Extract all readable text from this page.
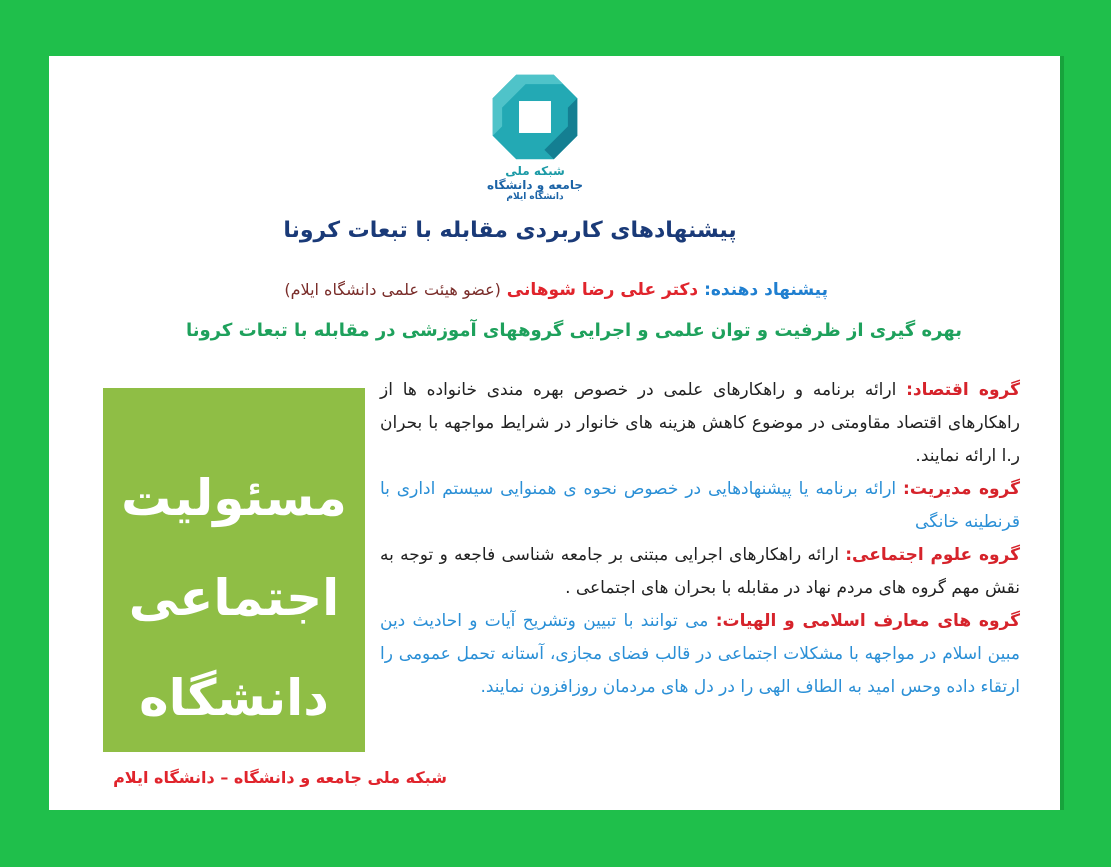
شبکه ملی
جامعه و دانشگاه
دانشگاه ایلام
پیشنهادهای کاربردی مقابله با تبعات کرونا
پیشنهاد دهنده: دکتر علی رضا شوهانی (عضو هیئت علمی دانشگاه ایلام)
بهره گیری از ظرفیت و توان علمی و اجرایی گروههای آموزشی در مقابله با تبعات کرونا
مسئولیت
اجتماعی
دانشگاه
شبکه ملی جامعه و دانشگاه – دانشگاه ایلام

گروه اقتصاد: ارائه برنامه و راهکارهای علمی در خصوص بهره مندی خانواده ها از راهکارهای اقتصاد مقاومتی در موضوع کاهش هزینه های خانوار در شرایط مواجهه با بحران ر.ا ارائه نمایند.

گروه مدیریت: ارائه برنامه یا پیشنهادهایی در خصوص نحوه ی همنوایی سیستم اداری با قرنطینه خانگی

گروه علوم اجتماعی: ارائه راهکارهای اجرایی مبتنی بر جامعه شناسی فاجعه و توجه به نقش مهم گروه های مردم نهاد در مقابله با بحران های اجتماعی .

گروه های معارف اسلامی و الهیات: می توانند با تبیین وتشریح آیات و احادیث دین مبین اسلام در مواجهه با مشکلات اجتماعی در قالب فضای مجازی، آستانه تحمل عمومی را ارتقاء داده وحس امید به الطاف الهی را در دل های مردمان روزافزون نمایند.
